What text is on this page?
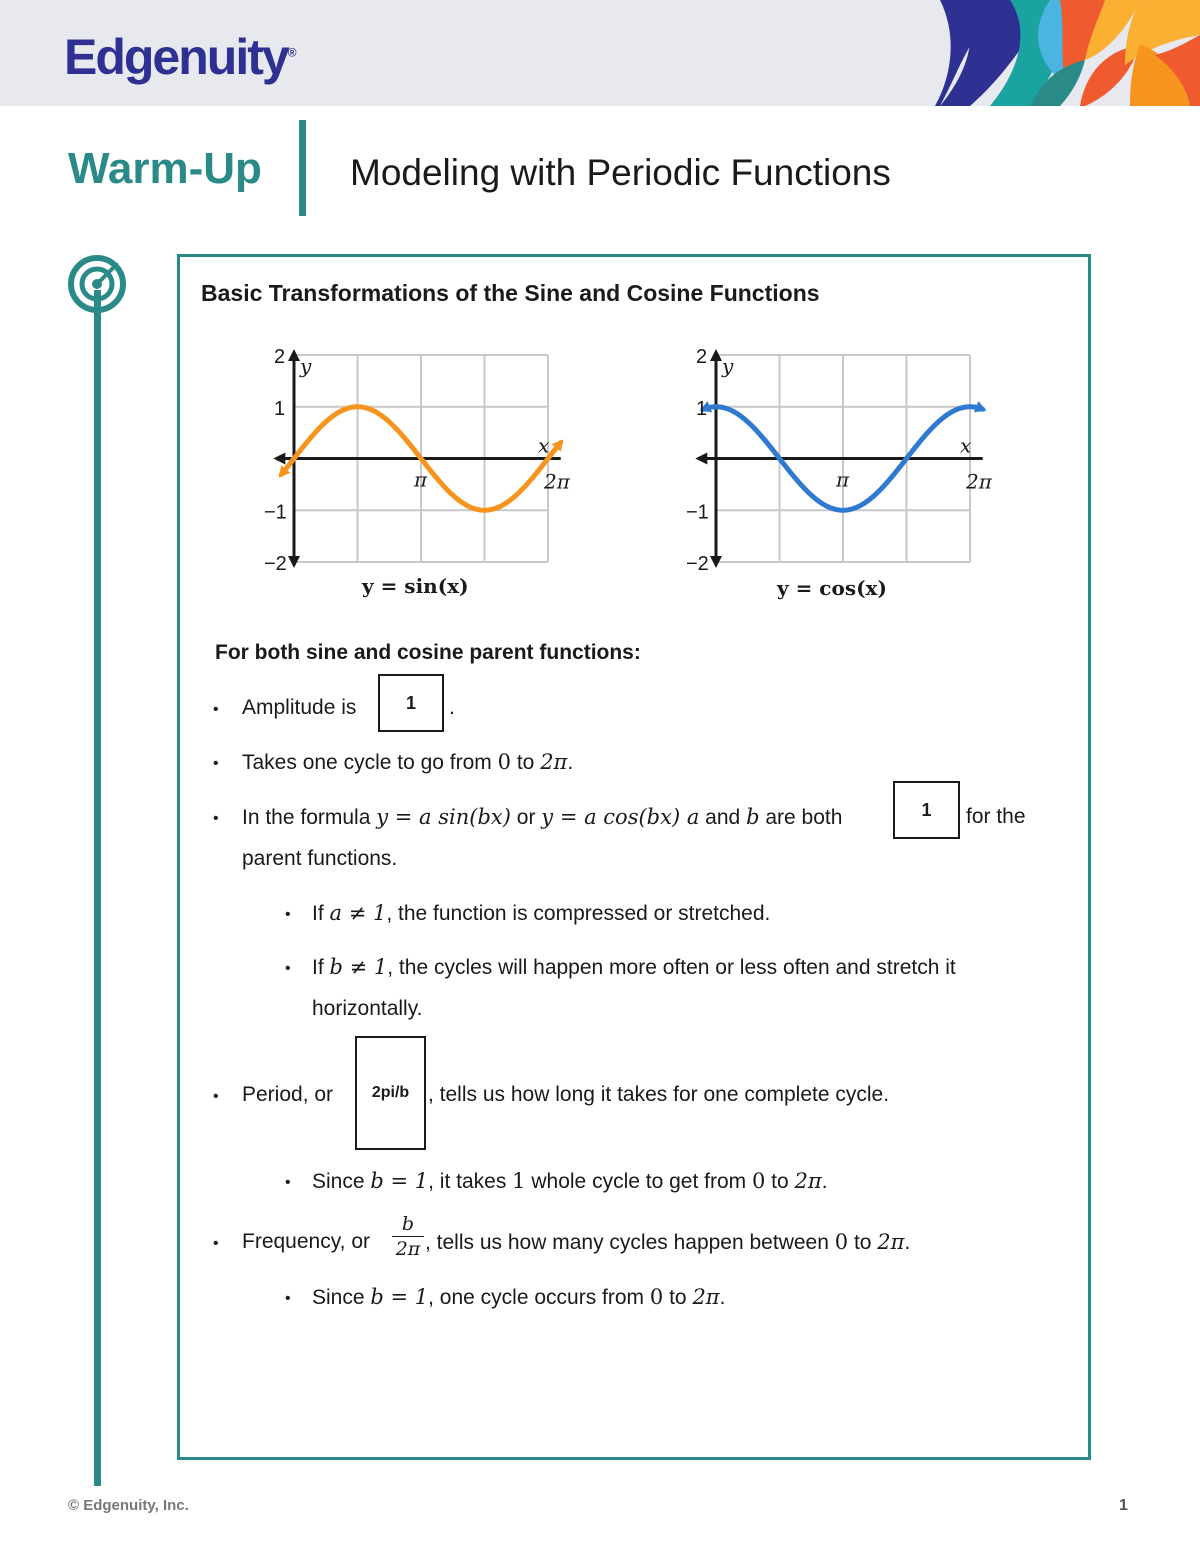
Edgenuity®
Warm-Up Modeling with Periodic Functions
Basic Transformations of the Sine and Cosine Functions
2
1
−1
−2
π	2π
x
y	2
1
−1
−2
π	2π
x
y
y = sin(x)	y = cos(x)
For both sine and cosine parent functions:
• Amplitude is	1	.
• Takes one cycle to go from 0 to 2π.
• In the formula y = a sin(bx) or y = a cos(bx) a and b are both	1	for the
parent functions.
• If a ≠ 1, the function is compressed or stretched.
• If b ≠ 1, the cycles will happen more often or less often and stretch it
horizontally.
• Period, or	2pi/b , tells us how long it takes for one complete cycle.
• Since b = 1, it takes 1 whole cycle to get from 0 to 2π.
• Frequency, or
b
2π , tells us how many cycles happen between 0 to 2π.
• Since b = 1, one cycle occurs from 0 to 2π.
© Edgenuity, Inc.	1
